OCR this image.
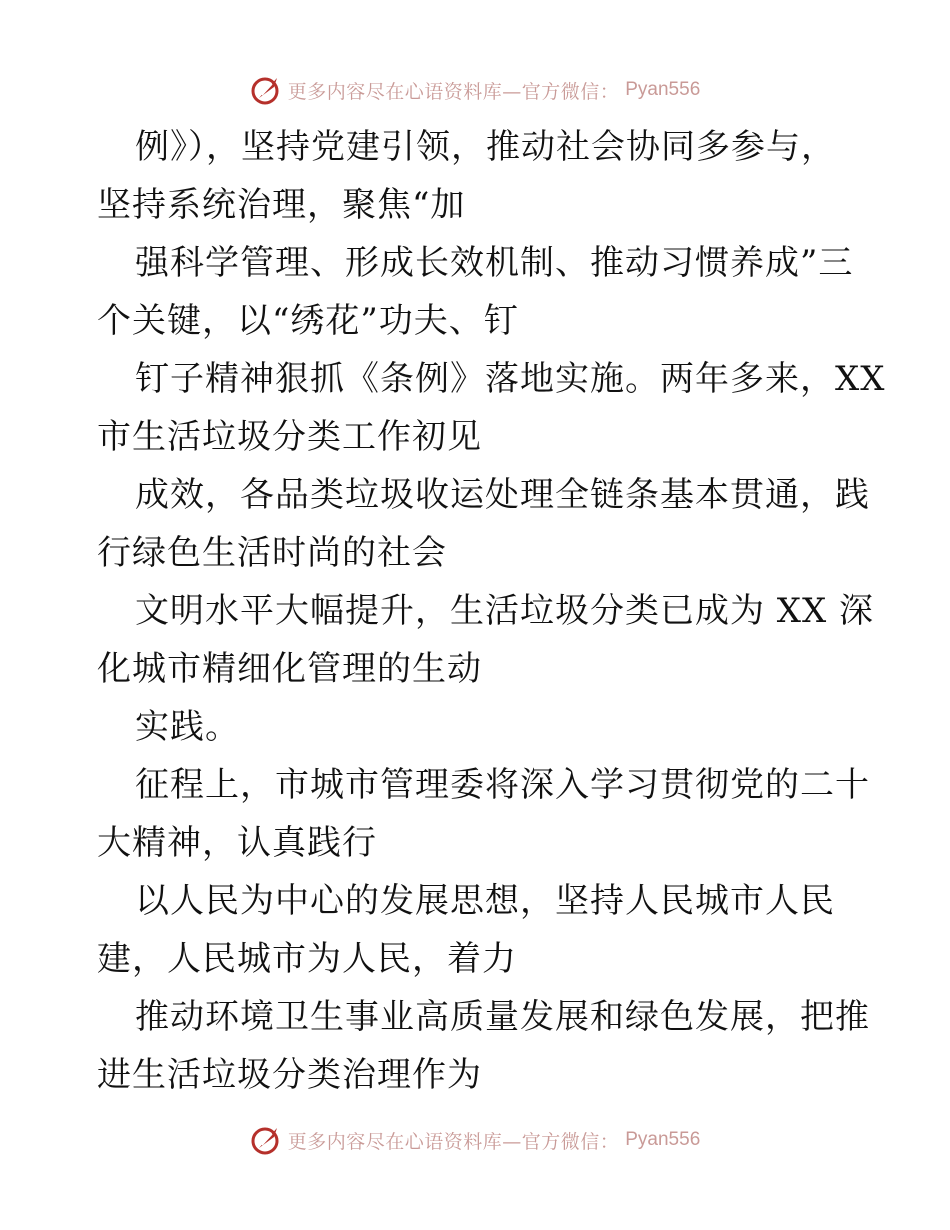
更多内容尽在心语资料库—官方微信： Pyan556
例》），坚持党建引领，推动社会协同多参与，
坚持系统治理，聚焦“加
强科学管理、形成长效机制、推动习惯养成”三
个关键，以“绣花”功夫、钉
钉子精神狠抓《条例》落地实施。两年多来，XX
市生活垃圾分类工作初见
成效，各品类垃圾收运处理全链条基本贯通，践
行绿色生活时尚的社会
文明水平大幅提升，生活垃圾分类已成为 XX 深
化城市精细化管理的生动
实践。
征程上，市城市管理委将深入学习贯彻党的二十
大精神，认真践行
以人民为中心的发展思想，坚持人民城市人民
建，人民城市为人民，着力
推动环境卫生事业高质量发展和绿色发展，把推
进生活垃圾分类治理作为
更多内容尽在心语资料库—官方微信： Pyan556
